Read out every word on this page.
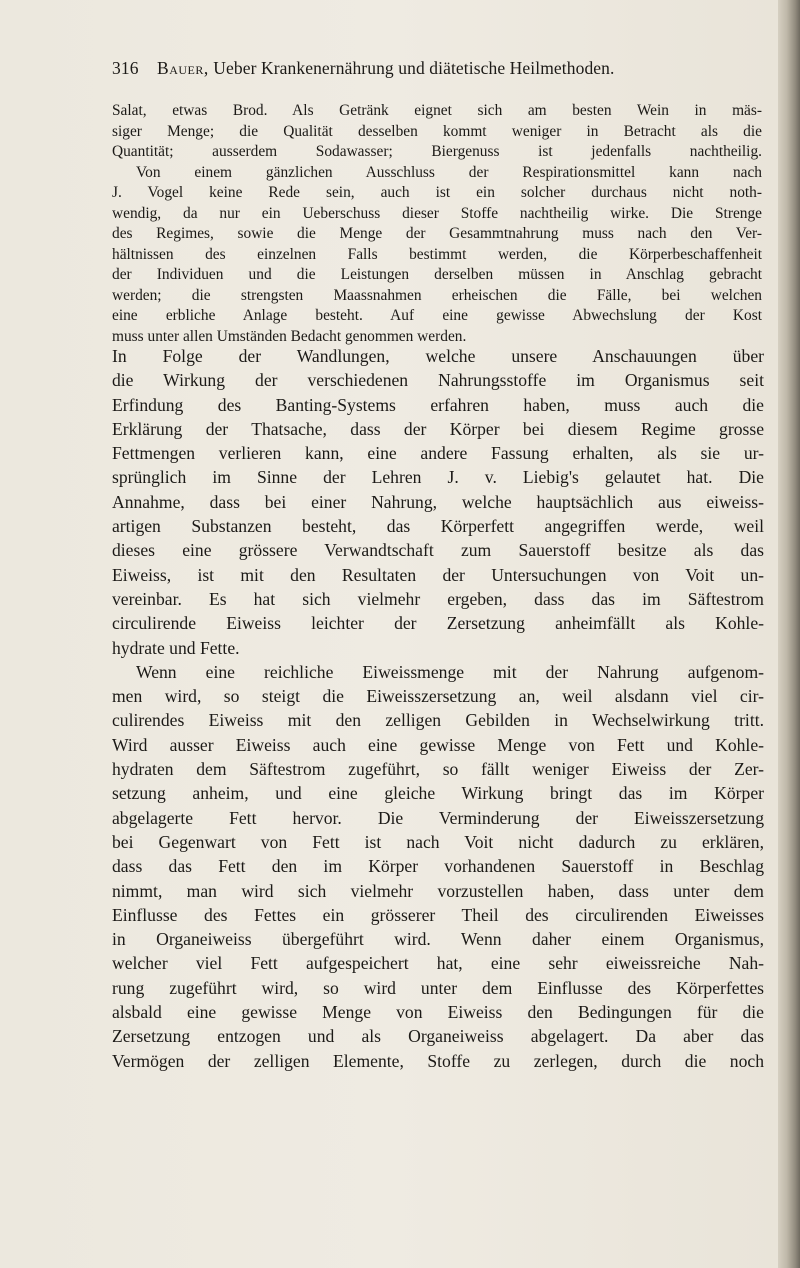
316 Bauer, Ueber Krankenernährung und diätetische Heilmethoden.
Salat, etwas Brod. Als Getränk eignet sich am besten Wein in mäs-
siger Menge; die Qualität desselben kommt weniger in Betracht als die
Quantität; ausserdem Sodawasser; Biergenuss ist jedenfalls nachtheilig.
Von einem gänzlichen Ausschluss der Respirationsmittel kann nach
J. Vogel keine Rede sein, auch ist ein solcher durchaus nicht noth-
wendig, da nur ein Ueberschuss dieser Stoffe nachtheilig wirke. Die Strenge
des Regimes, sowie die Menge der Gesammtnahrung muss nach den Ver-
hältnissen des einzelnen Falls bestimmt werden, die Körperbeschaffenheit
der Individuen und die Leistungen derselben müssen in Anschlag gebracht
werden; die strengsten Maassnahmen erheischen die Fälle, bei welchen
eine erbliche Anlage besteht. Auf eine gewisse Abwechslung der Kost
muss unter allen Umständen Bedacht genommen werden.
In Folge der Wandlungen, welche unsere Anschauungen über
die Wirkung der verschiedenen Nahrungsstoffe im Organismus seit
Erfindung des Banting-Systems erfahren haben, muss auch die
Erklärung der Thatsache, dass der Körper bei diesem Regime grosse
Fettmengen verlieren kann, eine andere Fassung erhalten, als sie ur-
sprünglich im Sinne der Lehren J. v. Liebig's gelautet hat. Die
Annahme, dass bei einer Nahrung, welche hauptsächlich aus eiweiss-
artigen Substanzen besteht, das Körperfett angegriffen werde, weil
dieses eine grössere Verwandtschaft zum Sauerstoff besitze als das
Eiweiss, ist mit den Resultaten der Untersuchungen von Voit un-
vereinbar. Es hat sich vielmehr ergeben, dass das im Säftestrom
circulirende Eiweiss leichter der Zersetzung anheimfällt als Kohle-
hydrate und Fette.
Wenn eine reichliche Eiweissmenge mit der Nahrung aufgenom-
men wird, so steigt die Eiweisszersetzung an, weil alsdann viel cir-
culirendes Eiweiss mit den zelligen Gebilden in Wechselwirkung tritt.
Wird ausser Eiweiss auch eine gewisse Menge von Fett und Kohle-
hydraten dem Säftestrom zugeführt, so fällt weniger Eiweiss der Zer-
setzung anheim, und eine gleiche Wirkung bringt das im Körper
abgelagerte Fett hervor. Die Verminderung der Eiweisszersetzung
bei Gegenwart von Fett ist nach Voit nicht dadurch zu erklären,
dass das Fett den im Körper vorhandenen Sauerstoff in Beschlag
nimmt, man wird sich vielmehr vorzustellen haben, dass unter dem
Einflusse des Fettes ein grösserer Theil des circulirenden Eiweisses
in Organeiweiss übergeführt wird. Wenn daher einem Organismus,
welcher viel Fett aufgespeichert hat, eine sehr eiweissreiche Nah-
rung zugeführt wird, so wird unter dem Einflusse des Körperfettes
alsbald eine gewisse Menge von Eiweiss den Bedingungen für die
Zersetzung entzogen und als Organeiweiss abgelagert. Da aber das
Vermögen der zelligen Elemente, Stoffe zu zerlegen, durch die noch
